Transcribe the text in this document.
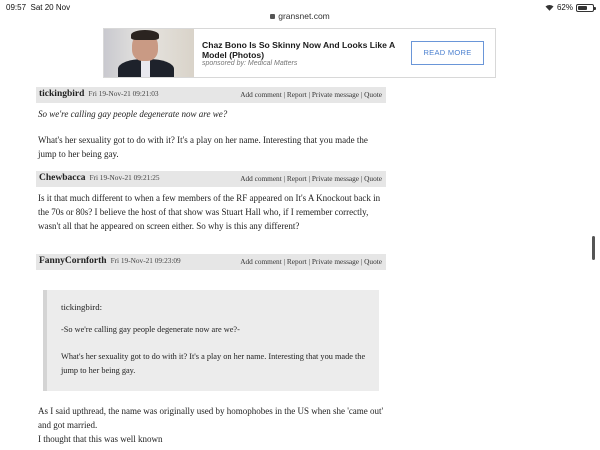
09:57 Sat 20 Nov
gransnet.com
62%
Chaz Bono Is So Skinny Now And Looks Like A Model (Photos)
sponsored by: Medical Matters
READ MORE
tickingbird Fri 19-Nov-21 09:21:03	Add comment | Report | Private message | Quote

So we're calling gay people degenerate now are we?

What's her sexuality got to do with it? It's a play on her name. Interesting that you made the jump to her being gay.

Chewbacca Fri 19-Nov-21 09:21:25	Add comment | Report | Private message | Quote

Is it that much different to when a few members of the RF appeared on It's A Knockout back in the 70s or 80s? I believe the host of that show was Stuart Hall who, if I remember correctly, wasn't all that he appeared on screen either. So why is this any different?

FannyCornforth Fri 19-Nov-21 09:23:09	Add comment | Report | Private message | Quote
tickingbird:
-So we're calling gay people degenerate now are we?-
What's her sexuality got to do with it? It's a play on her name. Interesting that you made the jump to her being gay.

As I said upthread, the name was originally used by homophobes in the US when she 'came out' and got married.

I thought that this was well known
